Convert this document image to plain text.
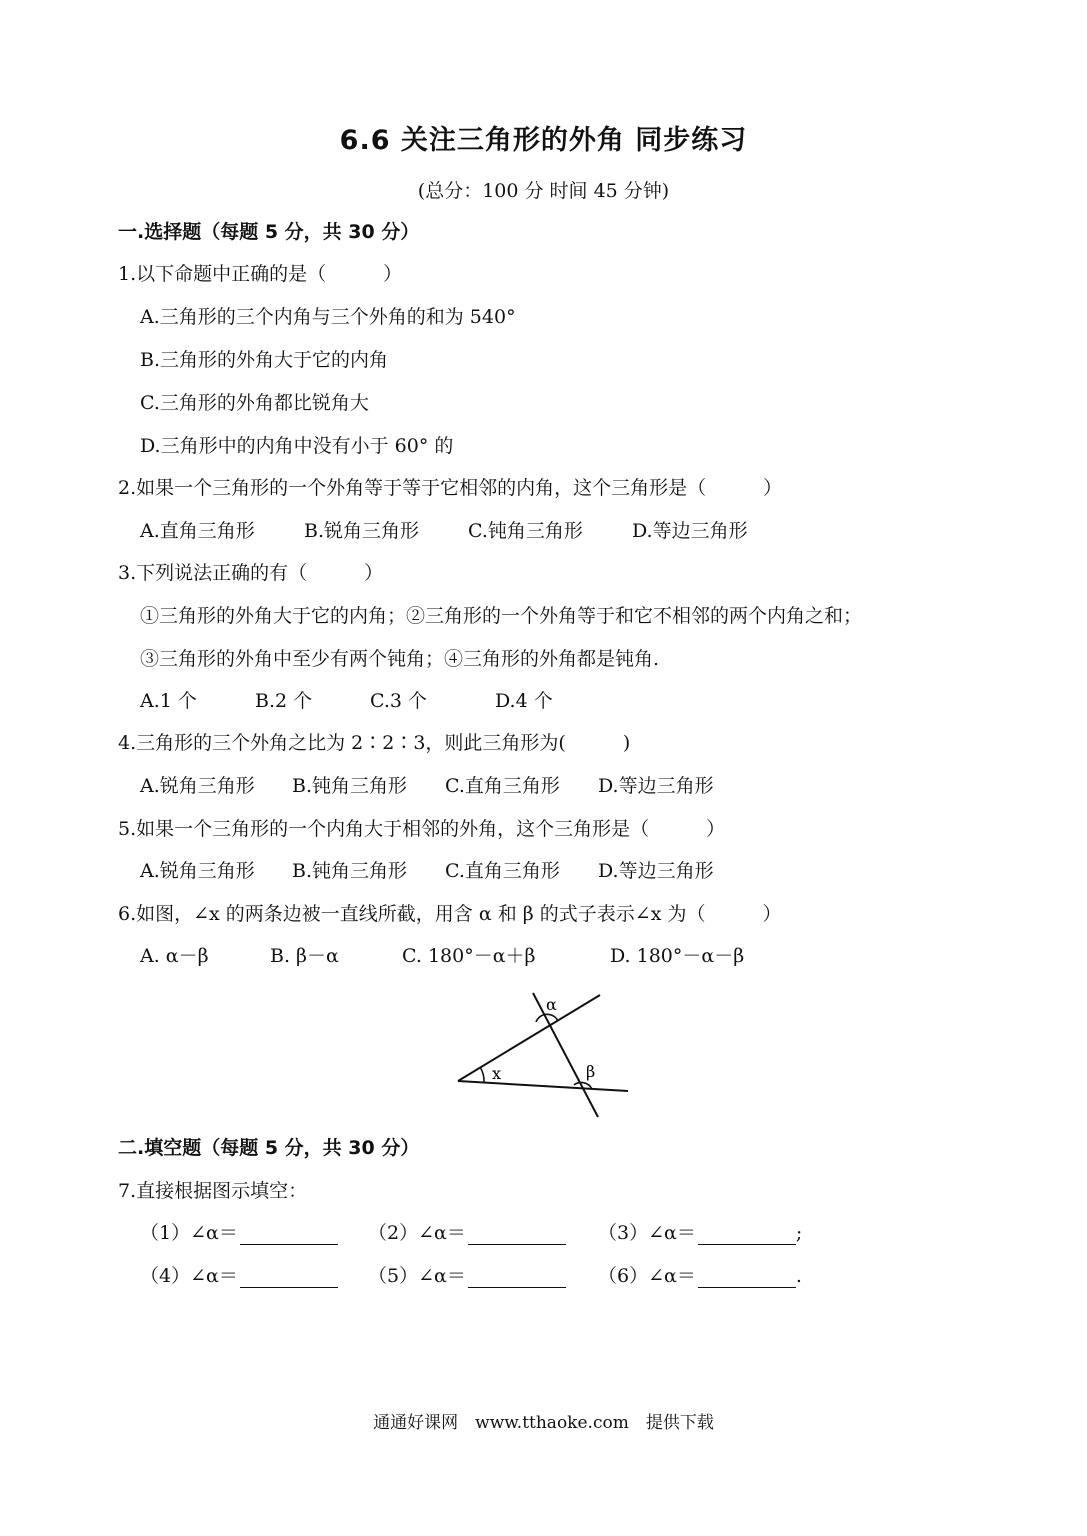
6.6 关注三角形的外角 同步练习
(总分：100 分 时间 45 分钟)
一.选择题（每题 5 分，共 30 分）
1.以下命题中正确的是（　　　）
A.三角形的三个内角与三个外角的和为 540°
B.三角形的外角大于它的内角
C.三角形的外角都比锐角大
D.三角形中的内角中没有小于 60° 的
2.如果一个三角形的一个外角等于等于它相邻的内角，这个三角形是（　　　）
A.直角三角形	B.锐角三角形	C.钝角三角形	D.等边三角形
3.下列说法正确的有（　　　）
①三角形的外角大于它的内角；②三角形的一个外角等于和它不相邻的两个内角之和；
③三角形的外角中至少有两个钝角；④三角形的外角都是钝角.
A.1 个	B.2 个	C.3 个	D.4 个
4.三角形的三个外角之比为 2∶2∶3，则此三角形为(　　　)
A.锐角三角形 B.钝角三角形 C.直角三角形 D.等边三角形
5.如果一个三角形的一个内角大于相邻的外角，这个三角形是（　　　）
A.锐角三角形 B.钝角三角形 C.直角三角形 D.等边三角形
6.如图，∠x 的两条边被一直线所截，用含 α 和 β 的式子表示∠x 为（　　　）
A. α－β	B. β－α	C. 180°－α＋β	D. 180°－α－β
α
β
x
二.填空题（每题 5 分，共 30 分）
7.直接根据图示填空：
（1）∠α＝	（2）∠α＝	（3）∠α＝	;
（4）∠α＝	（5）∠α＝	（6）∠α＝	.
通通好课网　www.tthaoke.com　提供下载
